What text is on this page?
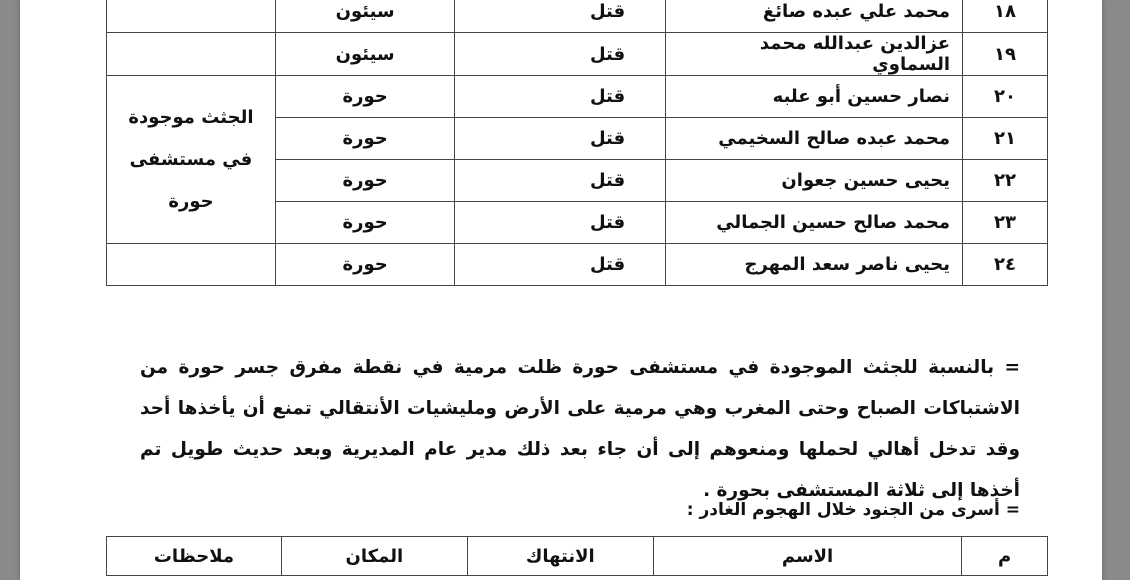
١٨	محمد علي عبده صائغ	قتل	سيئون	
١٩	عزالدين عبدالله محمد السماوي	قتل	سيئون	
٢٠	نصار حسين أبو علبه	قتل	حورة	الجثث موجودة في مستشفى حورة
٢١	محمد عبده صالح السخيمي	قتل	حورة	
٢٢	يحيى حسين جعوان	قتل	حورة	
٢٣	محمد صالح حسين الجمالي	قتل	حورة	
٢٤	يحيى ناصر سعد المهرج	قتل	حورة	

= بالنسبة للجثث الموجودة في مستشفى حورة ظلت مرمية في نقطة مفرق جسر حورة من الاشتباكات الصباح وحتى المغرب وهي مرمية على الأرض ومليشيات الأنتقالي تمنع أن يأخذها أحد وقد تدخل أهالي لحملها ومنعوهم إلى أن جاء بعد ذلك مدير عام المديرية وبعد حديث طويل تم أخذها إلى ثلاثة المستشفى بحورة .

= أسرى من الجنود خلال الهجوم الغادر :
م	الاسم	الانتهاك	المكان	ملاحظات
